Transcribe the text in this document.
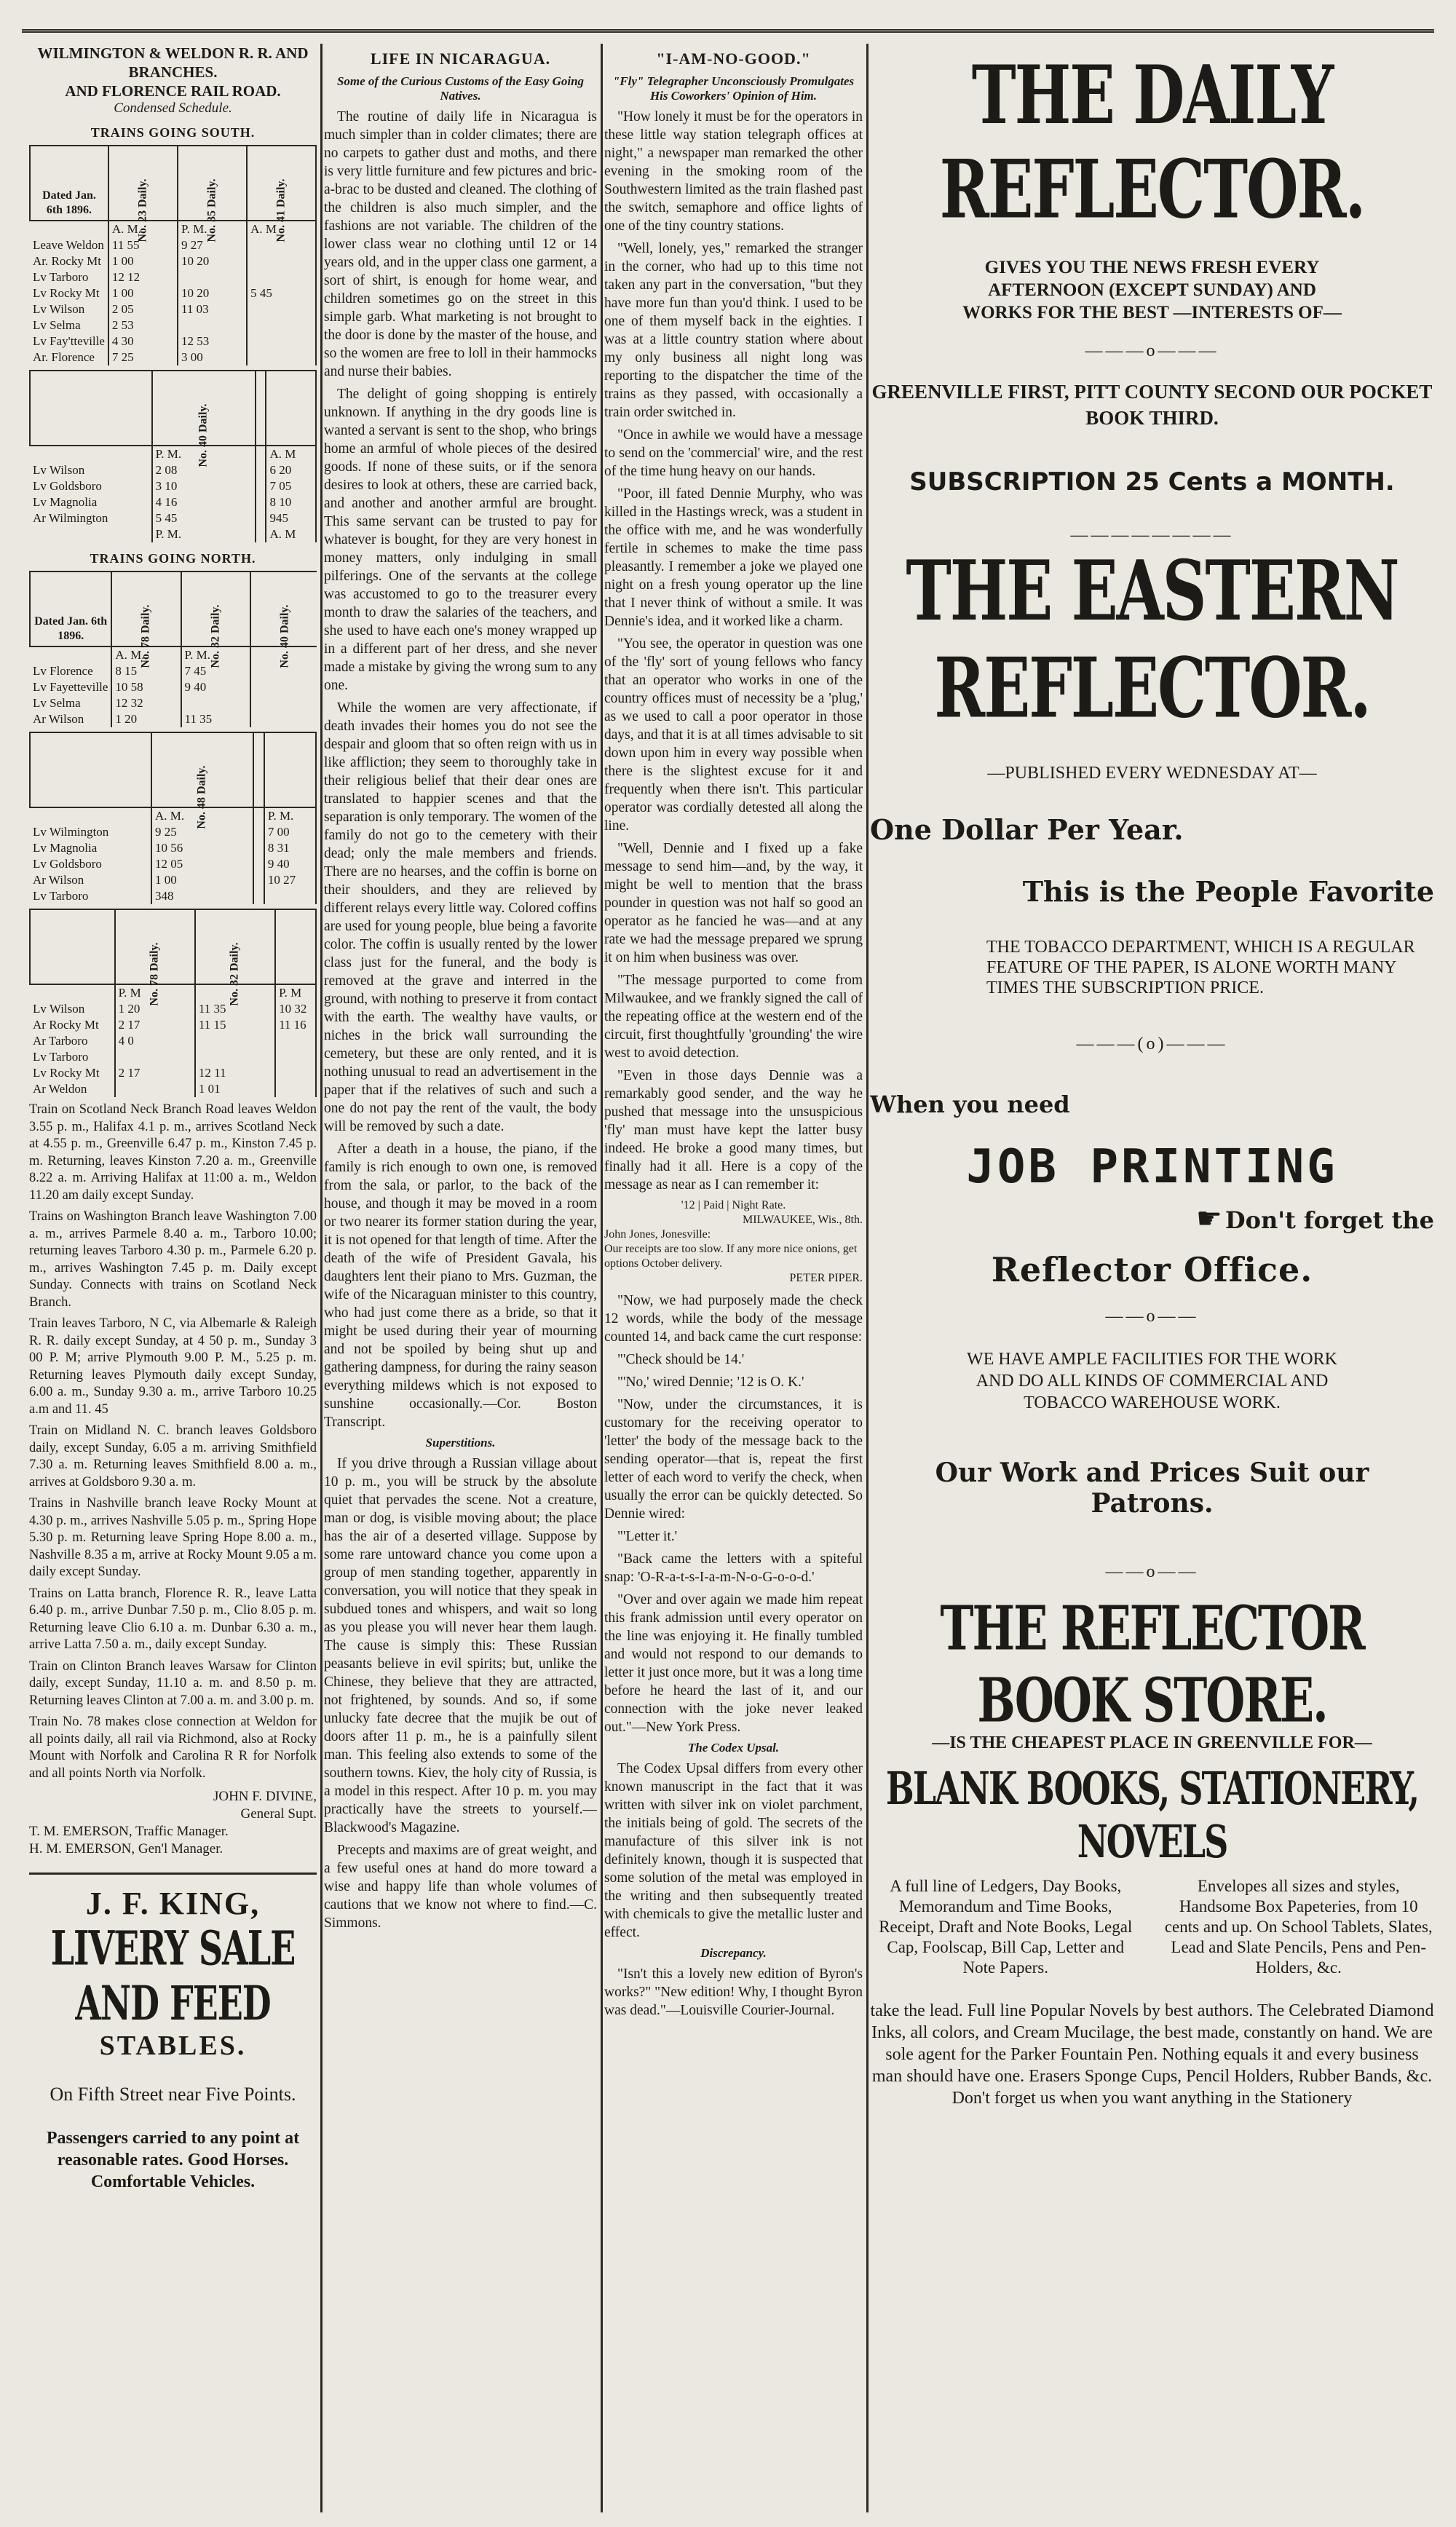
WILMINGTON & WELDON R. R. AND BRANCHES.
AND FLORENCE RAIL ROAD.
Condensed Schedule.
TRAINS GOING SOUTH.
Dated Jan. 6th 1896.	No. 23 Daily.	No. 35 Daily.	No. 41 Daily.
	A. M.	P. M.	A. M
Leave Weldon	11 55	9 27	
Ar. Rocky Mt	1 00	10 20	
Lv Tarboro	12 12		
Lv Rocky Mt	1 00	10 20	5 45
Lv Wilson	2 05	11 03	
Lv Selma	2 53		
Lv Fay'tteville	4 30	12 53	
Ar. Florence	7 25	3 00	
	No. 40 Daily.		
	P. M.		A. M
Lv Wilson	2 08		6 20
Lv Goldsboro	3 10		7 05
Lv Magnolia	4 16		8 10
Ar Wilmington	5 45		945
	P. M.		A. M
TRAINS GOING NORTH.
Dated Jan. 6th 1896.	No. 78 Daily.	No. 32 Daily.	No. 40 Daily.
	A. M.	P. M.	
Lv Florence	8 15	7 45	
Lv Fayetteville	10 58	9 40	
Lv Selma	12 32		
Ar Wilson	1 20	11 35	
	No. 48 Daily.		
	A. M.		P. M.
Lv Wilmington	9 25		7 00
Lv Magnolia	10 56		8 31
Lv Goldsboro	12 05		9 40
Ar Wilson	1 00		10 27
Lv Tarboro	348		
	No. 78 Daily.	No. 32 Daily.	
	P. M		P. M
Lv Wilson	1 20	11 35	10 32
Ar Rocky Mt	2 17	11 15	11 16
Ar Tarboro	4 0		
Lv Tarboro			
Lv Rocky Mt	2 17	12 11	
Ar Weldon		1 01	

Train on Scotland Neck Branch Road leaves Weldon 3.55 p. m., Halifax 4.1 p. m., arrives Scotland Neck at 4.55 p. m., Greenville 6.47 p. m., Kinston 7.45 p. m. Returning, leaves Kinston 7.20 a. m., Greenville 8.22 a. m. Arriving Halifax at 11:00 a. m., Weldon 11.20 am daily except Sunday.

Trains on Washington Branch leave Washington 7.00 a. m., arrives Parmele 8.40 a. m., Tarboro 10.00; returning leaves Tarboro 4.30 p. m., Parmele 6.20 p. m., arrives Washington 7.45 p. m. Daily except Sunday. Connects with trains on Scotland Neck Branch.

Train leaves Tarboro, N C, via Albemarle & Raleigh R. R. daily except Sunday, at 4 50 p. m., Sunday 3 00 P. M; arrive Plymouth 9.00 P. M., 5.25 p. m. Returning leaves Plymouth daily except Sunday, 6.00 a. m., Sunday 9.30 a. m., arrive Tarboro 10.25 a.m and 11. 45

Train on Midland N. C. branch leaves Goldsboro daily, except Sunday, 6.05 a m. arriving Smithfield 7.30 a. m. Returning leaves Smithfield 8.00 a. m., arrives at Goldsboro 9.30 a. m.

Trains in Nashville branch leave Rocky Mount at 4.30 p. m., arrives Nashville 5.05 p. m., Spring Hope 5.30 p. m. Returning leave Spring Hope 8.00 a. m., Nashville 8.35 a m, arrive at Rocky Mount 9.05 a m. daily except Sunday.

Trains on Latta branch, Florence R. R., leave Latta 6.40 p. m., arrive Dunbar 7.50 p. m., Clio 8.05 p. m. Returning leave Clio 6.10 a. m. Dunbar 6.30 a. m., arrive Latta 7.50 a. m., daily except Sunday.

Train on Clinton Branch leaves Warsaw for Clinton daily, except Sunday, 11.10 a. m. and 8.50 p. m. Returning leaves Clinton at 7.00 a. m. and 3.00 p. m.

Train No. 78 makes close connection at Weldon for all points daily, all rail via Richmond, also at Rocky Mount with Norfolk and Carolina R R for Norfolk and all points North via Norfolk.

JOHN F. DIVINE,
General Supt.
T. M. EMERSON, Traffic Manager.
H. M. EMERSON, Gen'l Manager.
J. F. KING,
LIVERY SALE AND FEED
STABLES.
On Fifth Street near Five Points.
Passengers carried to any point at reasonable rates. Good Horses. Comfortable Vehicles.
LIFE IN NICARAGUA.
Some of the Curious Customs of the Easy Going Natives.

The routine of daily life in Nicaragua is much simpler than in colder climates; there are no carpets to gather dust and moths, and there is very little furniture and few pictures and bric-a-brac to be dusted and cleaned. The clothing of the children is also much simpler, and the fashions are not variable. The children of the lower class wear no clothing until 12 or 14 years old, and in the upper class one garment, a sort of shirt, is enough for home wear, and children sometimes go on the street in this simple garb. What marketing is not brought to the door is done by the master of the house, and so the women are free to loll in their hammocks and nurse their babies.

The delight of going shopping is entirely unknown. If anything in the dry goods line is wanted a servant is sent to the shop, who brings home an armful of whole pieces of the desired goods. If none of these suits, or if the senora desires to look at others, these are carried back, and another and another armful are brought. This same servant can be trusted to pay for whatever is bought, for they are very honest in money matters, only indulging in small pilferings. One of the servants at the college was accustomed to go to the treasurer every month to draw the salaries of the teachers, and she used to have each one's money wrapped up in a different part of her dress, and she never made a mistake by giving the wrong sum to any one.

While the women are very affectionate, if death invades their homes you do not see the despair and gloom that so often reign with us in like affliction; they seem to thoroughly take in their religious belief that their dear ones are translated to happier scenes and that the separation is only temporary. The women of the family do not go to the cemetery with their dead; only the male members and friends. There are no hearses, and the coffin is borne on their shoulders, and they are relieved by different relays every little way. Colored coffins are used for young people, blue being a favorite color. The coffin is usually rented by the lower class just for the funeral, and the body is removed at the grave and interred in the ground, with nothing to preserve it from contact with the earth. The wealthy have vaults, or niches in the brick wall surrounding the cemetery, but these are only rented, and it is nothing unusual to read an advertisement in the paper that if the relatives of such and such a one do not pay the rent of the vault, the body will be removed by such a date.

After a death in a house, the piano, if the family is rich enough to own one, is removed from the sala, or parlor, to the back of the house, and though it may be moved in a room or two nearer its former station during the year, it is not opened for that length of time. After the death of the wife of President Gavala, his daughters lent their piano to Mrs. Guzman, the wife of the Nicaraguan minister to this country, who had just come there as a bride, so that it might be used during their year of mourning and not be spoiled by being shut up and gathering dampness, for during the rainy season everything mildews which is not exposed to sunshine occasionally.—Cor. Boston Transcript.

Superstitions.

If you drive through a Russian village about 10 p. m., you will be struck by the absolute quiet that pervades the scene. Not a creature, man or dog, is visible moving about; the place has the air of a deserted village. Suppose by some rare untoward chance you come upon a group of men standing together, apparently in conversation, you will notice that they speak in subdued tones and whispers, and wait so long as you please you will never hear them laugh. The cause is simply this: These Russian peasants believe in evil spirits; but, unlike the Chinese, they believe that they are attracted, not frightened, by sounds. And so, if some unlucky fate decree that the mujik be out of doors after 11 p. m., he is a painfully silent man. This feeling also extends to some of the southern towns. Kiev, the holy city of Russia, is a model in this respect. After 10 p. m. you may practically have the streets to yourself.—Blackwood's Magazine.

Precepts and maxims are of great weight, and a few useful ones at hand do more toward a wise and happy life than whole volumes of cautions that we know not where to find.—C. Simmons.

"I-AM-NO-GOOD."
"Fly" Telegrapher Unconsciously Promulgates His Coworkers' Opinion of Him.

"How lonely it must be for the operators in these little way station telegraph offices at night," a newspaper man remarked the other evening in the smoking room of the Southwestern limited as the train flashed past the switch, semaphore and office lights of one of the tiny country stations.

"Well, lonely, yes," remarked the stranger in the corner, who had up to this time not taken any part in the conversation, "but they have more fun than you'd think. I used to be one of them myself back in the eighties. I was at a little country station where about my only business all night long was reporting to the dispatcher the time of the trains as they passed, with occasionally a train order switched in.

"Once in awhile we would have a message to send on the 'commercial' wire, and the rest of the time hung heavy on our hands.

"Poor, ill fated Dennie Murphy, who was killed in the Hastings wreck, was a student in the office with me, and he was wonderfully fertile in schemes to make the time pass pleasantly. I remember a joke we played one night on a fresh young operator up the line that I never think of without a smile. It was Dennie's idea, and it worked like a charm.

"You see, the operator in question was one of the 'fly' sort of young fellows who fancy that an operator who works in one of the country offices must of necessity be a 'plug,' as we used to call a poor operator in those days, and that it is at all times advisable to sit down upon him in every way possible when there is the slightest excuse for it and frequently when there isn't. This particular operator was cordially detested all along the line.

"Well, Dennie and I fixed up a fake message to send him—and, by the way, it might be well to mention that the brass pounder in question was not half so good an operator as he fancied he was—and at any rate we had the message prepared we sprung it on him when business was over.

"The message purported to come from Milwaukee, and we frankly signed the call of the repeating office at the western end of the circuit, first thoughtfully 'grounding' the wire west to avoid detection.

"Even in those days Dennie was a remarkably good sender, and the way he pushed that message into the unsuspicious 'fly' man must have kept the latter busy indeed. He broke a good many times, but finally had it all. Here is a copy of the message as near as I can remember it:

'12 | Paid | Night Rate.
MILWAUKEE, Wis., 8th.
John Jones, Jonesville:
Our receipts are too slow. If any more nice onions, get options October delivery.
PETER PIPER.

"Now, we had purposely made the check 12 words, while the body of the message counted 14, and back came the curt response:

"'Check should be 14.'

"'No,' wired Dennie; '12 is O. K.'

"Now, under the circumstances, it is customary for the receiving operator to 'letter' the body of the message back to the sending operator—that is, repeat the first letter of each word to verify the check, when usually the error can be quickly detected. So Dennie wired:

"'Letter it.'

"Back came the letters with a spiteful snap: 'O-R-a-t-s-I-a-m-N-o-G-o-o-d.'

"Over and over again we made him repeat this frank admission until every operator on the line was enjoying it. He finally tumbled and would not respond to our demands to letter it just once more, but it was a long time before he heard the last of it, and our connection with the joke never leaked out."—New York Press.

The Codex Upsal.

The Codex Upsal differs from every other known manuscript in the fact that it was written with silver ink on violet parchment, the initials being of gold. The secrets of the manufacture of this silver ink is not definitely known, though it is suspected that some solution of the metal was employed in the writing and then subsequently treated with chemicals to give the metallic luster and effect.

Discrepancy.

"Isn't this a lovely new edition of Byron's works?" "New edition! Why, I thought Byron was dead."—Louisville Courier-Journal.

THE DAILY REFLECTOR.
GIVES YOU THE NEWS FRESH EVERY AFTERNOON (EXCEPT SUNDAY) AND WORKS FOR THE BEST —INTERESTS OF—
———o———
GREENVILLE FIRST, PITT COUNTY SECOND OUR POCKET BOOK THIRD.
SUBSCRIPTION 25 Cents a MONTH.
————————
THE EASTERN REFLECTOR.
—PUBLISHED EVERY WEDNESDAY AT—
One Dollar Per Year.
This is the People Favorite
THE TOBACCO DEPARTMENT, WHICH IS A REGULAR FEATURE OF THE PAPER, IS ALONE WORTH MANY TIMES THE SUBSCRIPTION PRICE.
———(o)———
When you need
JOB PRINTING
☛ Don't forget the
Reflector Office.
——o——
WE HAVE AMPLE FACILITIES FOR THE WORK AND DO ALL KINDS OF COMMERCIAL AND TOBACCO WAREHOUSE WORK.
Our Work and Prices Suit our Patrons.
——o——
THE REFLECTOR BOOK STORE.
—IS THE CHEAPEST PLACE IN GREENVILLE FOR—
BLANK BOOKS, STATIONERY, NOVELS
A full line of Ledgers, Day Books, Memorandum and Time Books, Receipt, Draft and Note Books, Legal Cap, Foolscap, Bill Cap, Letter and Note Papers.
Envelopes all sizes and styles, Handsome Box Papeteries, from 10 cents and up. On School Tablets, Slates, Lead and Slate Pencils, Pens and Pen-Holders, &c.
take the lead. Full line Popular Novels by best authors. The Celebrated Diamond Inks, all colors, and Cream Mucilage, the best made, constantly on hand. We are sole agent for the Parker Fountain Pen. Nothing equals it and every business man should have one. Erasers Sponge Cups, Pencil Holders, Rubber Bands, &c. Don't forget us when you want anything in the Stationery
